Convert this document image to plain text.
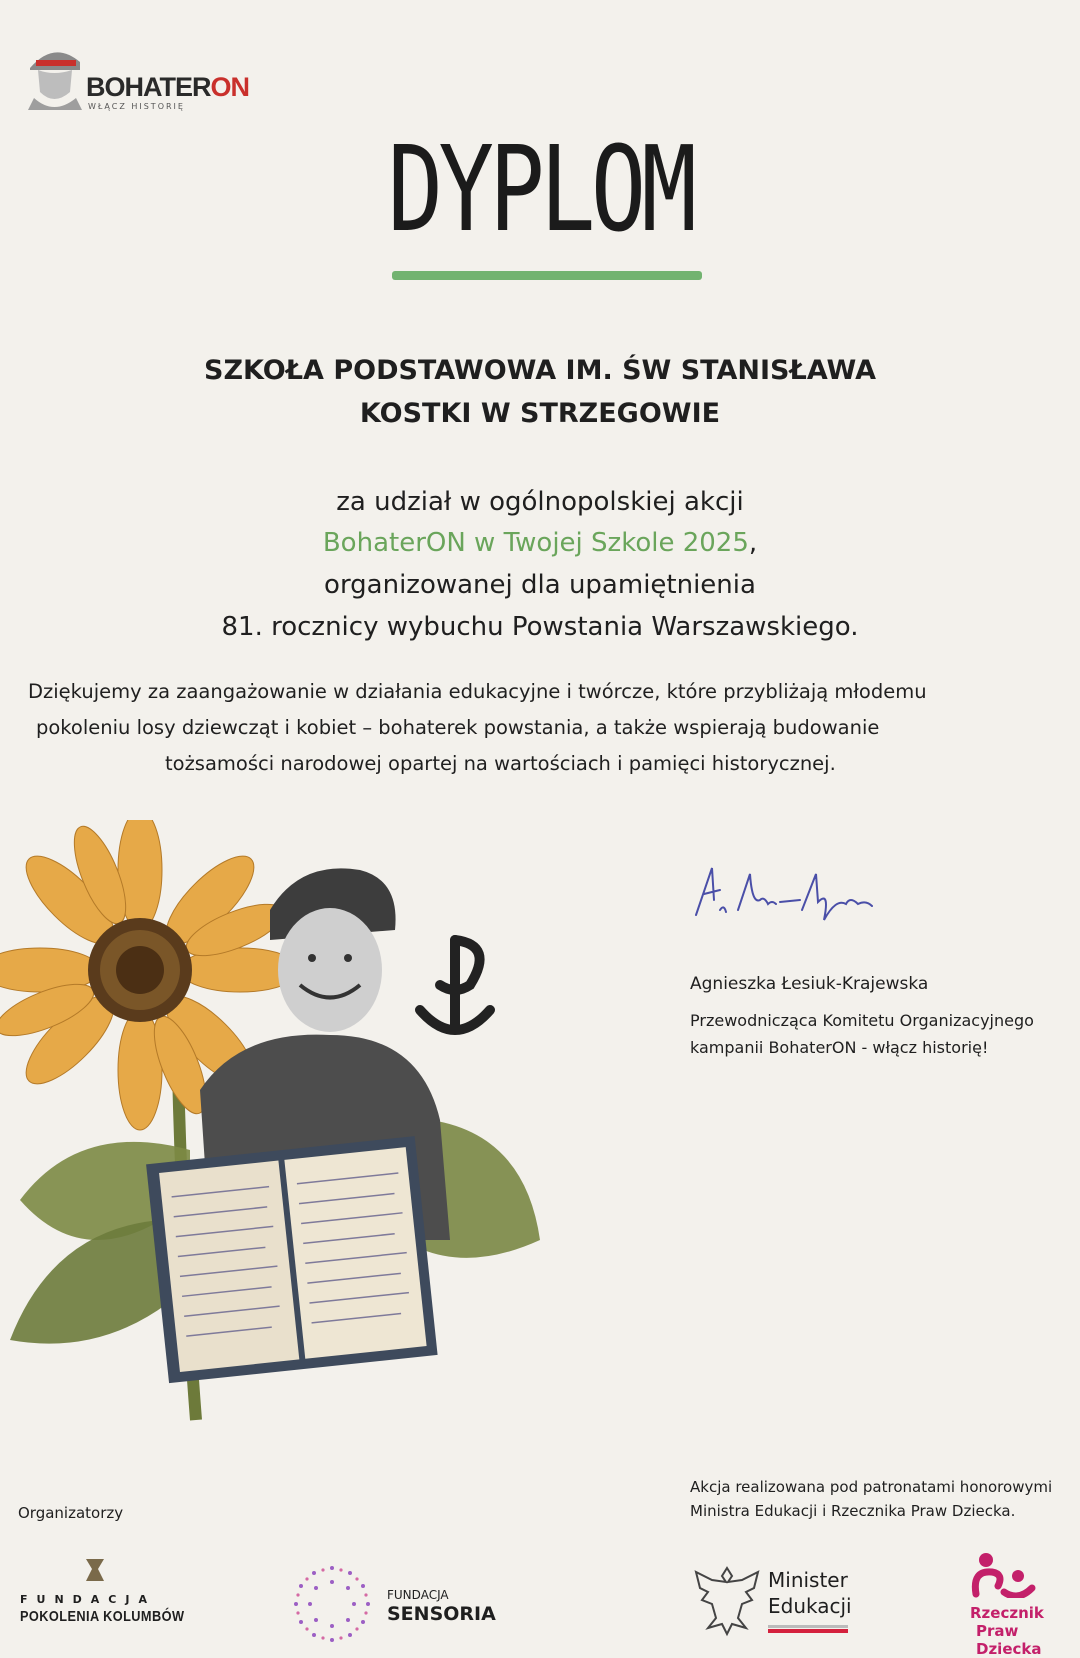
BOHATERON
WŁĄCZ HISTORIĘ
DYPLOM
SZKOŁA PODSTAWOWA IM. ŚW STANISŁAWA
KOSTKI W STRZEGOWIE
za udział w ogólnopolskiej akcji
BohaterON w Twojej Szkole 2025,
organizowanej dla upamiętnienia
81. rocznicy wybuchu Powstania Warszawskiego.
Dziękujemy za zaangażowanie w działania edukacyjne i twórcze, które przybliżają młodemu
pokoleniu losy dziewcząt i kobiet – bohaterek powstania, a także wspierają budowanie
tożsamości narodowej opartej na wartościach i pamięci historycznej.
Agnieszka Łesiuk-Krajewska
Przewodnicząca Komitetu Organizacyjnego
kampanii BohaterON - włącz historię!
Organizatorzy
Akcja realizowana pod patronatami honorowymi
Ministra Edukacji i Rzecznika Praw Dziecka.
FUNDACJA
POKOLENIA KOLUMBÓW
FUNDACJA
SENSORIA
Minister
Edukacji	Rzecznik
Praw Dziecka
